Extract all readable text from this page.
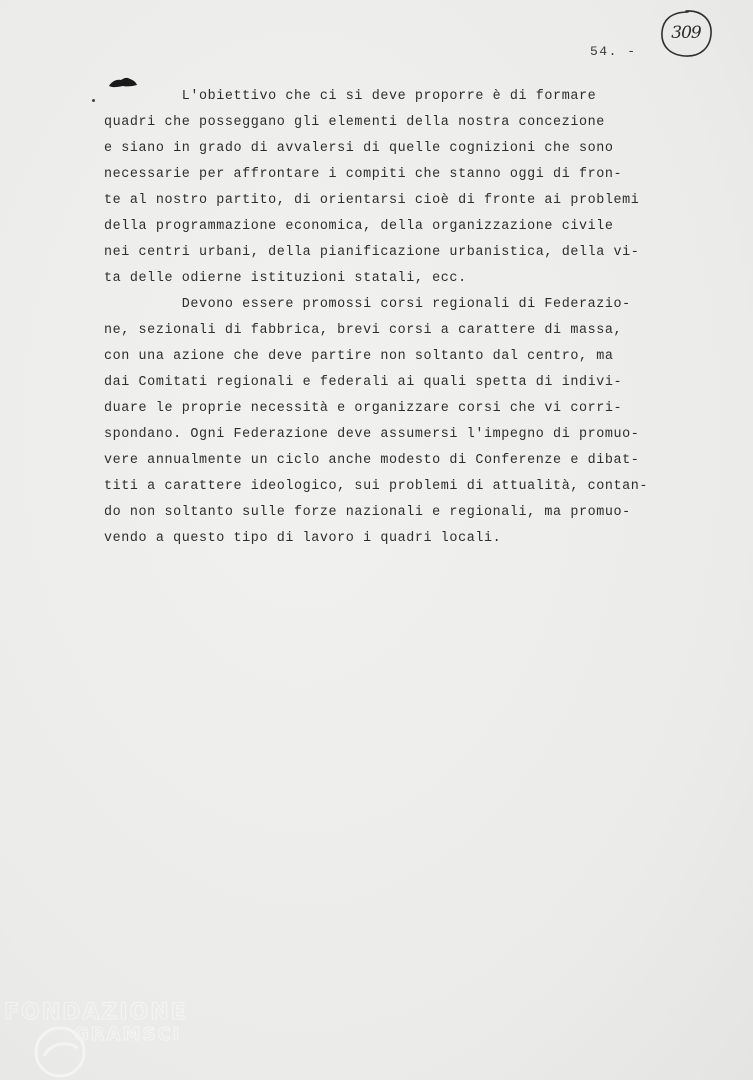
54. -
309
L'obiettivo che ci si deve proporre è di formare
quadri che posseggano gli elementi della nostra concezione
e siano in grado di avvalersi di quelle cognizioni che sono
necessarie per affrontare i compiti che stanno oggi di fron-
te al nostro partito, di orientarsi cioè di fronte ai problemi
della programmazione economica, della organizzazione civile
nei centri urbani, della pianificazione urbanistica, della vi-
ta delle odierne istituzioni statali, ecc.
Devono essere promossi corsi regionali di Federazio-
ne, sezionali di fabbrica, brevi corsi a carattere di massa,
con una azione che deve partire non soltanto dal centro, ma
dai Comitati regionali e federali ai quali spetta di indivi-
duare le proprie necessità e organizzare corsi che vi corri-
spondano. Ogni Federazione deve assumersi l'impegno di promuo-
vere annualmente un ciclo anche modesto di Conferenze e dibat-
titi a carattere ideologico, sui problemi di attualità, contan-
do non soltanto sulle forze nazionali e regionali, ma promuo-
vendo a questo tipo di lavoro i quadri locali.
FONDAZIONE
GRAMSCI
